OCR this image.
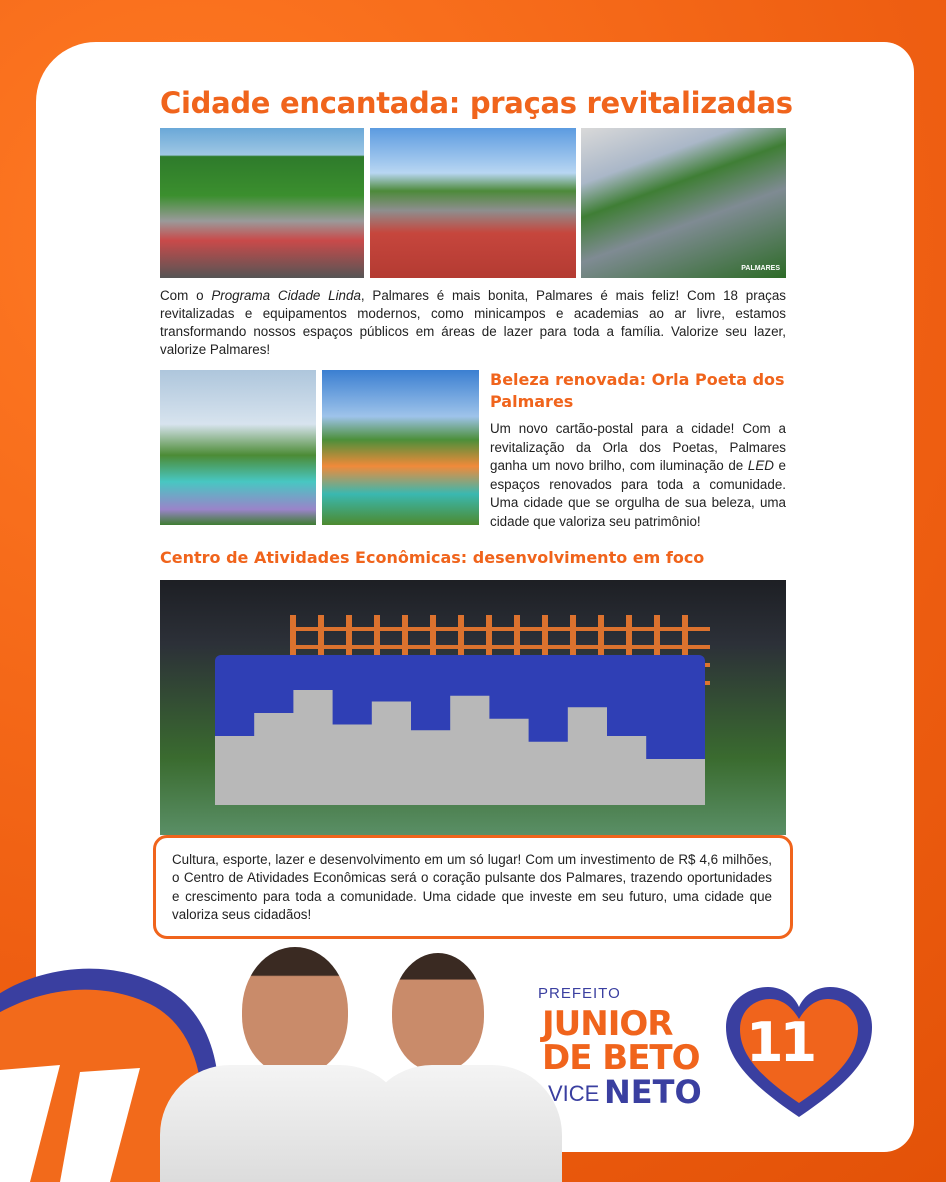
Cidade encantada: praças revitalizadas
PALMARES

Com o Programa Cidade Linda, Palmares é mais bonita, Palmares é mais feliz! Com 18 praças revitalizadas e equipamentos modernos, como minicampos e academias ao ar livre, estamos transformando nossos espaços públicos em áreas de lazer para toda a família. Valorize seu lazer, valorize Palmares!

Beleza renovada: Orla Poeta dos Palmares

Um novo cartão-postal para a cidade! Com a revitalização da Orla dos Poetas, Palmares ganha um novo brilho, com iluminação de LED e espaços renovados para toda a comunidade. Uma cidade que se orgulha de sua beleza, uma cidade que valoriza seu patrimônio!

Centro de Atividades Econômicas: desenvolvimento em foco

Cultura, esporte, lazer e desenvolvimento em um só lugar! Com um investimento de R$ 4,6 milhões, o Centro de Atividades Econômicas será o coração pulsante dos Palmares, trazendo oportunidades e crescimento para toda a comunidade. Uma cidade que investe em seu futuro, uma cidade que valoriza seus cidadãos!

PREFEITO
JUNIOR
DE BETO
VICE NETO
11
